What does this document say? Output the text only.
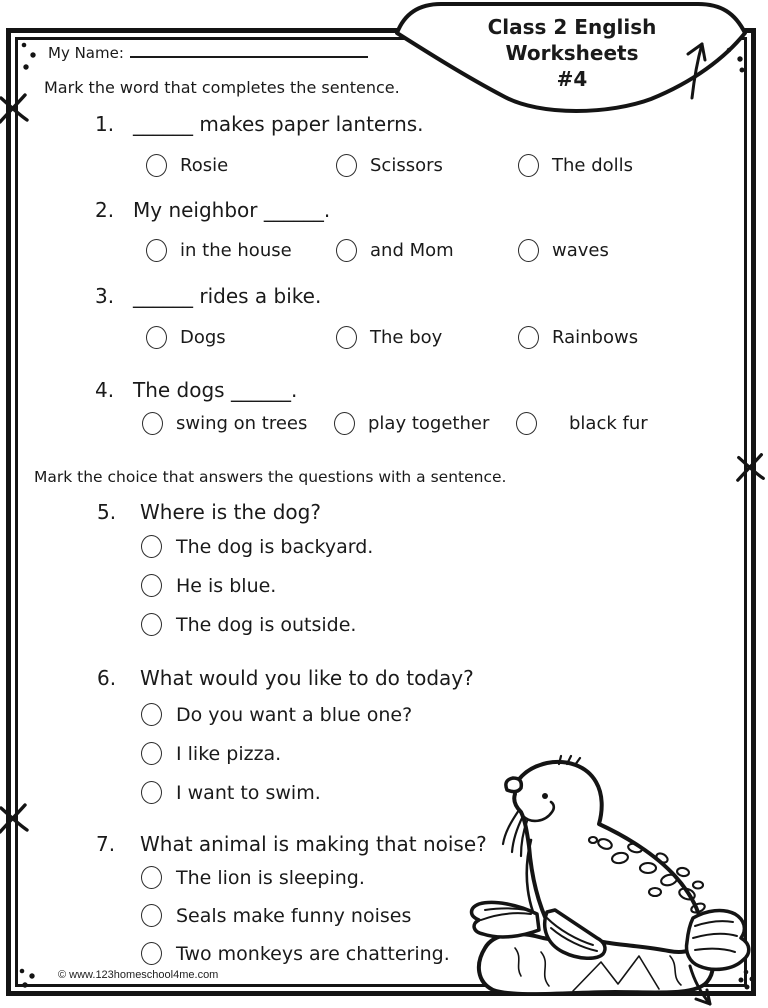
Class 2 English
Worksheets
#4
My Name:
Mark the word that completes the sentence.
1. ______ makes paper lanterns.
Rosie	Scissors	The dolls
2. My neighbor ______.
in the house	and Mom	waves
3. ______ rides a bike.
Dogs	The boy	Rainbows
4. The dogs ______.
swing on trees	play together	black fur
Mark the choice that answers the questions with a sentence.
5. Where is the dog?
The dog is backyard.
He is blue.
The dog is outside.
6. What would you like to do today?
Do you want a blue one?
I like pizza.
I want to swim.
7. What animal is making that noise?
The lion is sleeping.
Seals make funny noises
Two monkeys are chattering.
© www.123homeschool4me.com
